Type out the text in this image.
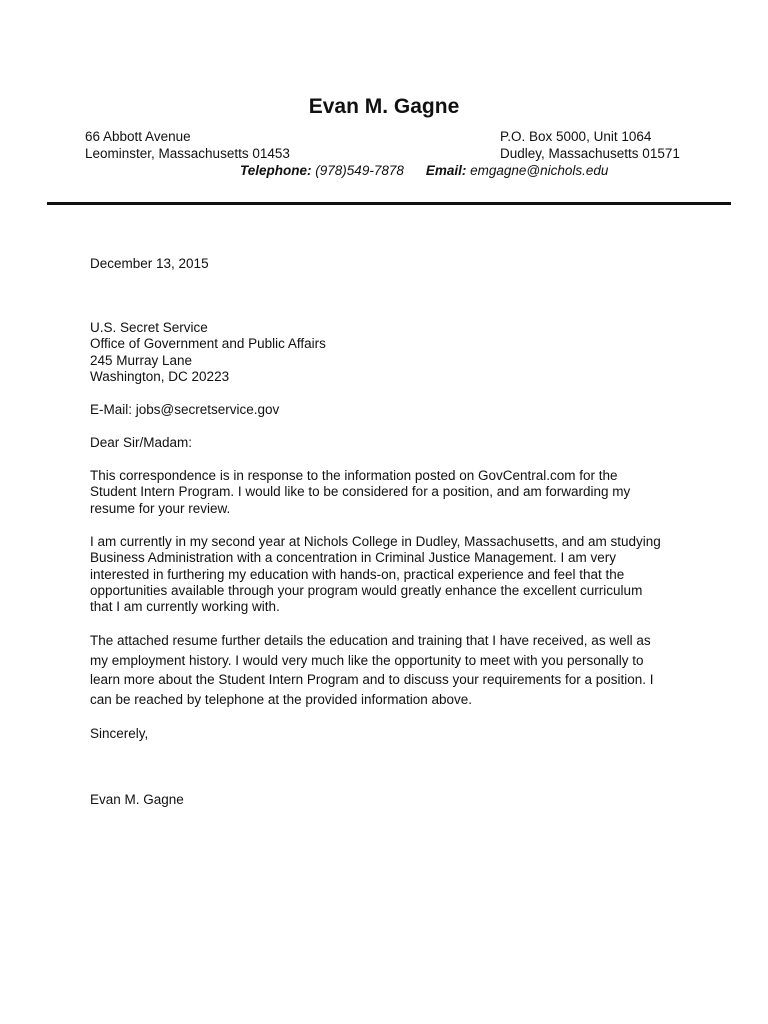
Evan M. Gagne
66 Abbott Avenue
Leominster, Massachusetts 01453
P.O. Box 5000, Unit 1064
Dudley, Massachusetts 01571
Telephone: (978)549-7878 Email: emgagne@nichols.edu
December 13, 2015
U.S. Secret Service
Office of Government and Public Affairs
245 Murray Lane
Washington, DC 20223
E-Mail: jobs@secretservice.gov
Dear Sir/Madam:
This correspondence is in response to the information posted on GovCentral.com for the
Student Intern Program. I would like to be considered for a position, and am forwarding my
resume for your review.
I am currently in my second year at Nichols College in Dudley, Massachusetts, and am studying
Business Administration with a concentration in Criminal Justice Management. I am very
interested in furthering my education with hands-on, practical experience and feel that the
opportunities available through your program would greatly enhance the excellent curriculum
that I am currently working with.
The attached resume further details the education and training that I have received, as well as
my employment history. I would very much like the opportunity to meet with you personally to
learn more about the Student Intern Program and to discuss your requirements for a position. I
can be reached by telephone at the provided information above.
Sincerely,
Evan M. Gagne
